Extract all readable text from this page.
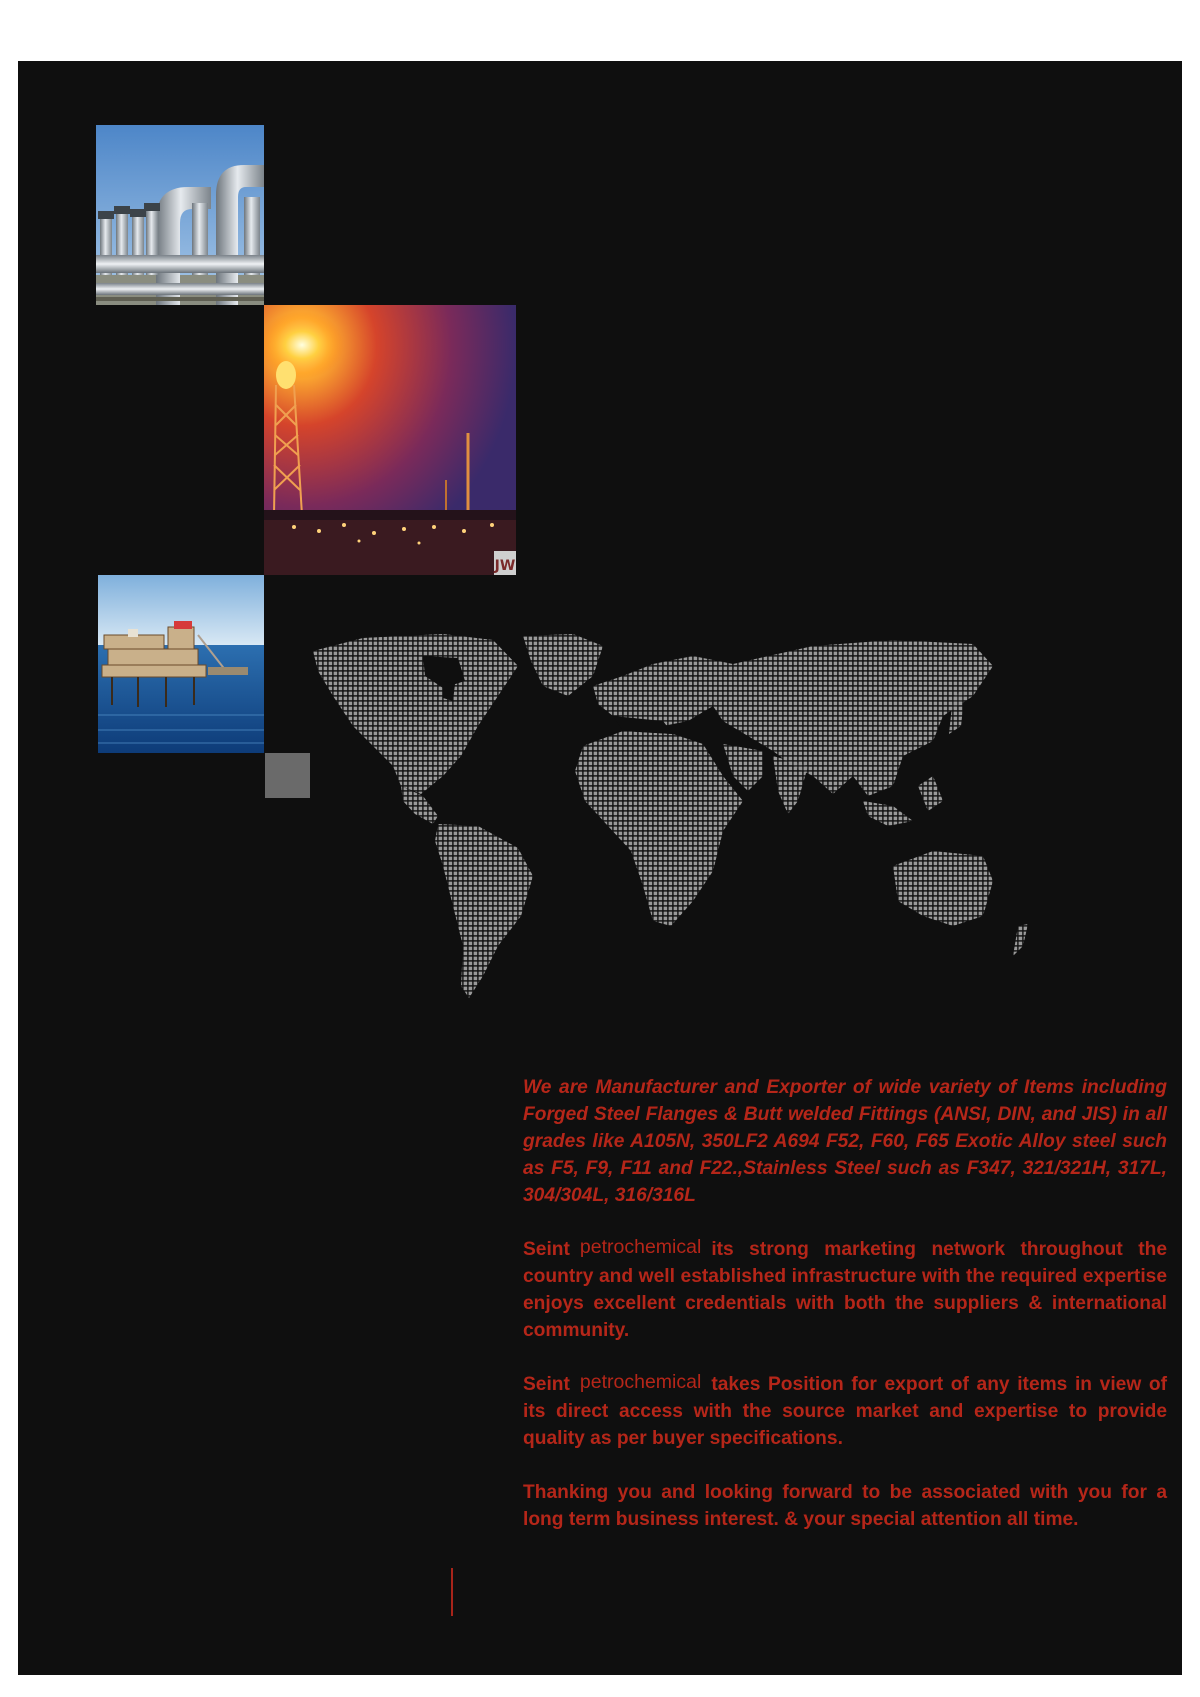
JW

We are Manufacturer and Exporter of wide variety of Items including Forged Steel Flanges & Butt welded Fittings (ANSI, DIN, and JIS) in all grades like A105N, 350LF2 A694 F52, F60, F65 Exotic Alloy steel such as F5, F9, F11 and F22.,Stainless Steel such as F347, 321/321H, 317L, 304/304L, 316/316L

Seint petrochemical its strong marketing network throughout the country and well established infrastructure with the required expertise enjoys excellent credentials with both the suppliers & international community.

Seint petrochemical takes Position for export of any items in view of its direct access with the source market and expertise to provide quality as per buyer specifications.

Thanking you and looking forward to be associated with you for a long term business interest. & your special attention all time.
